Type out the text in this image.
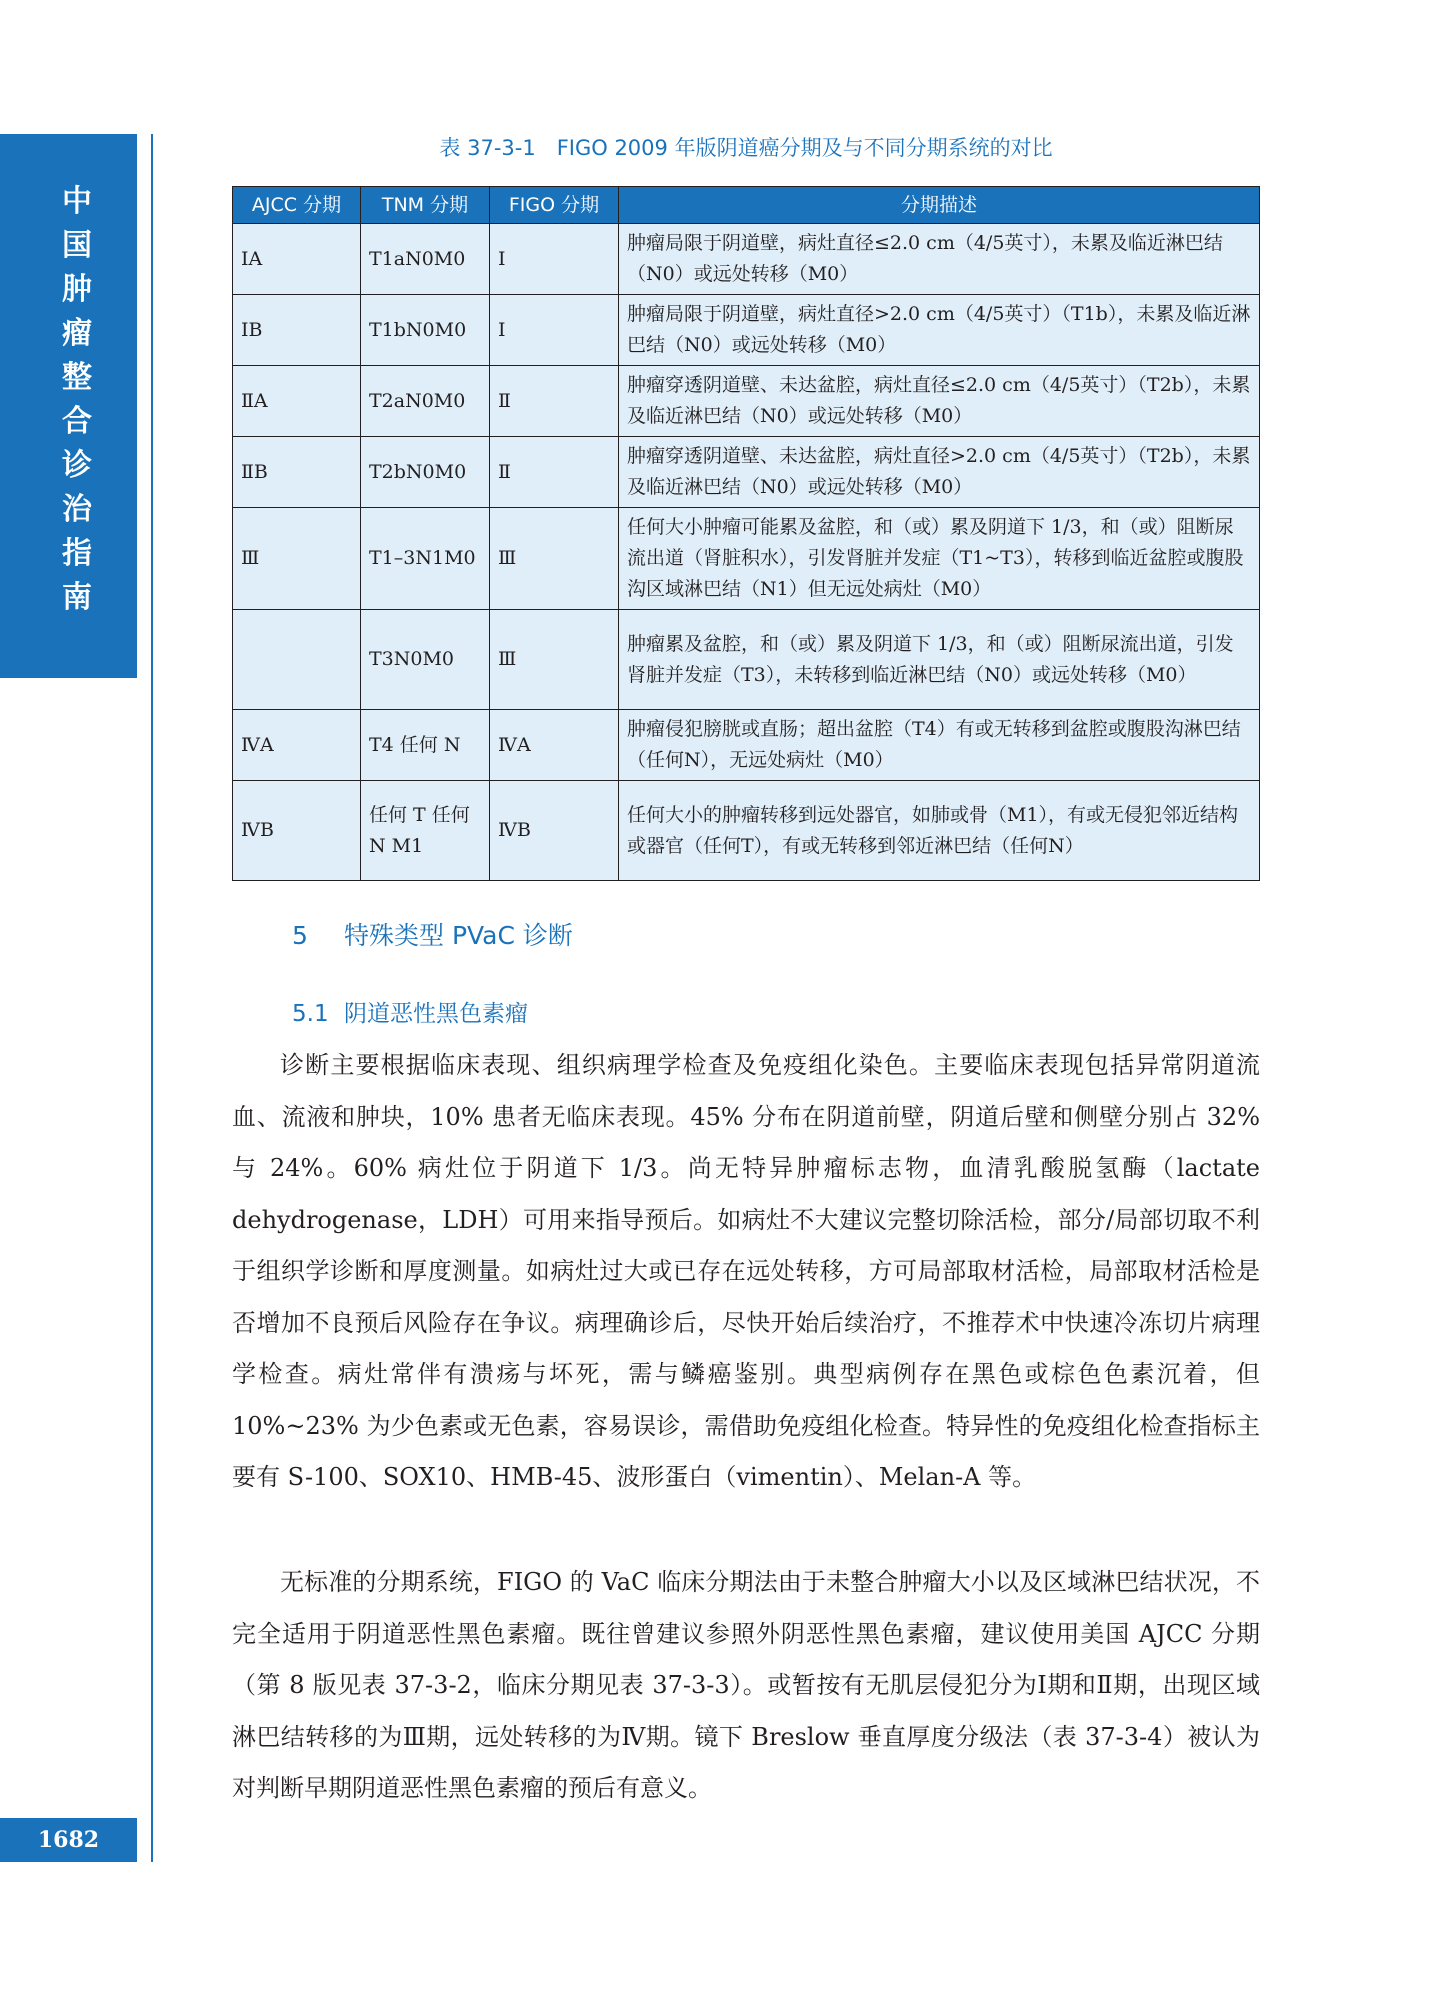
中
国
肿
瘤
整
合
诊
治
指
南
1682
表 37-3-1　FIGO 2009 年版阴道癌分期及与不同分期系统的对比
AJCC 分期	TNM 分期	FIGO 分期	分期描述
ⅠA	T1aN0M0	Ⅰ	肿瘤局限于阴道壁，病灶直径≤2.0 cm（4/5英寸），未累及临近淋巴结（N0）或远处转移（M0）
ⅠB	T1bN0M0	Ⅰ	肿瘤局限于阴道壁，病灶直径>2.0 cm（4/5英寸）（T1b），未累及临近淋巴结（N0）或远处转移（M0）
ⅡA	T2aN0M0	Ⅱ	肿瘤穿透阴道壁、未达盆腔，病灶直径≤2.0 cm（4/5英寸）（T2b），未累及临近淋巴结（N0）或远处转移（M0）
ⅡB	T2bN0M0	Ⅱ	肿瘤穿透阴道壁、未达盆腔，病灶直径>2.0 cm（4/5英寸）（T2b），未累及临近淋巴结（N0）或远处转移（M0）
Ⅲ	T1–3N1M0	Ⅲ	任何大小肿瘤可能累及盆腔，和（或）累及阴道下 1/3，和（或）阻断尿流出道（肾脏积水），引发肾脏并发症（T1~T3），转移到临近盆腔或腹股沟区域淋巴结（N1）但无远处病灶（M0）
	T3N0M0	Ⅲ	肿瘤累及盆腔，和（或）累及阴道下 1/3，和（或）阻断尿流出道，引发肾脏并发症（T3），未转移到临近淋巴结（N0）或远处转移（M0）
ⅣA	T4 任何 N	ⅣA	肿瘤侵犯膀胱或直肠；超出盆腔（T4）有或无转移到盆腔或腹股沟淋巴结（任何N），无远处病灶（M0）
ⅣB	任何 T 任何 N M1	ⅣB	任何大小的肿瘤转移到远处器官，如肺或骨（M1），有或无侵犯邻近结构或器官（任何T），有或无转移到邻近淋巴结（任何N）
5 特殊类型 PVaC 诊断
5.1 阴道恶性黑色素瘤

诊断主要根据临床表现、组织病理学检查及免疫组化染色。主要临床表现包括异常阴道流血、流液和肿块，10% 患者无临床表现。45% 分布在阴道前壁，阴道后壁和侧壁分别占 32% 与 24%。60% 病灶位于阴道下 1/3。尚无特异肿瘤标志物，血清乳酸脱氢酶（lactate dehydrogenase，LDH）可用来指导预后。如病灶不大建议完整切除活检，部分/局部切取不利于组织学诊断和厚度测量。如病灶过大或已存在远处转移，方可局部取材活检，局部取材活检是否增加不良预后风险存在争议。病理确诊后，尽快开始后续治疗，不推荐术中快速冷冻切片病理学检查。病灶常伴有溃疡与坏死，需与鳞癌鉴别。典型病例存在黑色或棕色色素沉着，但 10%~23% 为少色素或无色素，容易误诊，需借助免疫组化检查。特异性的免疫组化检查指标主要有 S-100、SOX10、HMB-45、波形蛋白（vimentin）、Melan-A 等。

无标准的分期系统，FIGO 的 VaC 临床分期法由于未整合肿瘤大小以及区域淋巴结状况，不完全适用于阴道恶性黑色素瘤。既往曾建议参照外阴恶性黑色素瘤，建议使用美国 AJCC 分期（第 8 版见表 37-3-2，临床分期见表 37-3-3）。或暂按有无肌层侵犯分为Ⅰ期和Ⅱ期，出现区域淋巴结转移的为Ⅲ期，远处转移的为Ⅳ期。镜下 Breslow 垂直厚度分级法（表 37-3-4）被认为对判断早期阴道恶性黑色素瘤的预后有意义。
